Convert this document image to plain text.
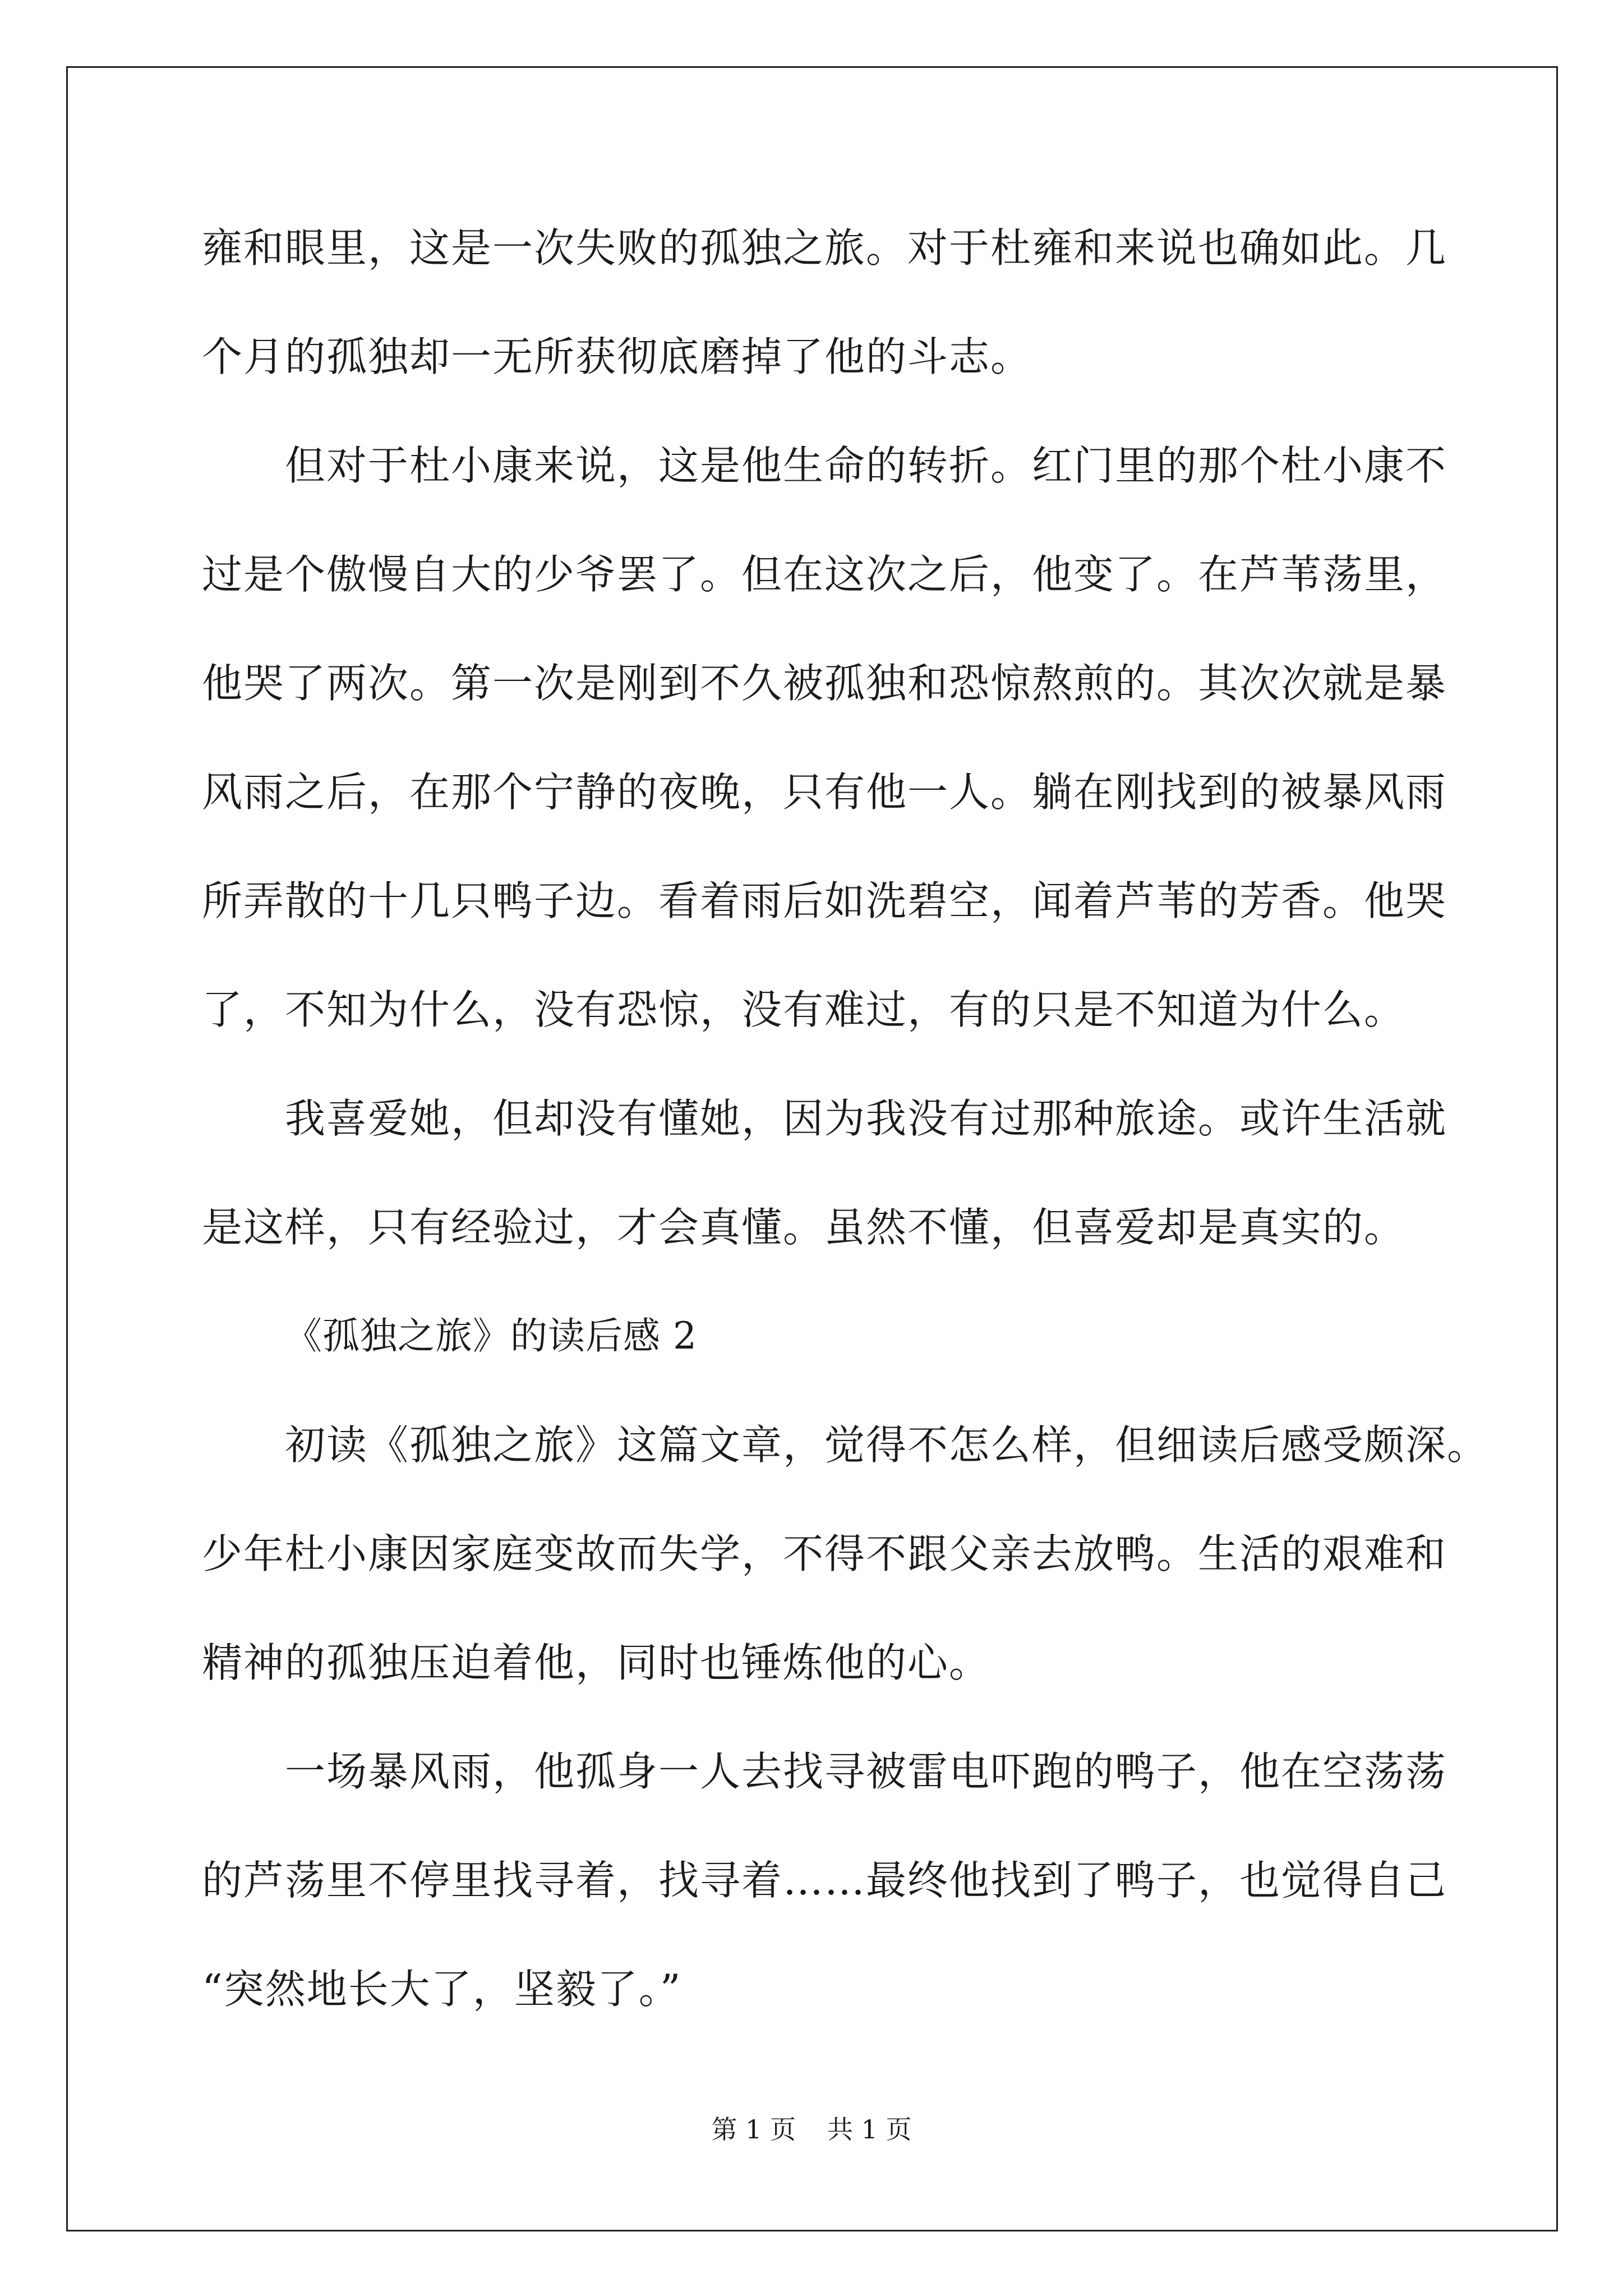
雍和眼里，这是一次失败的孤独之旅。对于杜雍和来说也确如此。几
个月的孤独却一无所获彻底磨掉了他的斗志。
但对于杜小康来说，这是他生命的转折。红门里的那个杜小康不
过是个傲慢自大的少爷罢了。但在这次之后，他变了。在芦苇荡里，
他哭了两次。第一次是刚到不久被孤独和恐惊熬煎的。其次次就是暴
风雨之后，在那个宁静的夜晚，只有他一人。躺在刚找到的被暴风雨
所弄散的十几只鸭子边。看着雨后如洗碧空，闻着芦苇的芳香。他哭
了，不知为什么，没有恐惊，没有难过，有的只是不知道为什么。
我喜爱她，但却没有懂她，因为我没有过那种旅途。或许生活就
是这样，只有经验过，才会真懂。虽然不懂，但喜爱却是真实的。
《孤独之旅》的读后感 2
初读《孤独之旅》这篇文章，觉得不怎么样，但细读后感受颇深。
少年杜小康因家庭变故而失学，不得不跟父亲去放鸭。生活的艰难和
精神的孤独压迫着他，同时也锤炼他的心。
一场暴风雨，他孤身一人去找寻被雷电吓跑的鸭子，他在空荡荡
的芦荡里不停里找寻着，找寻着……最终他找到了鸭子，也觉得自己
“突然地长大了，坚毅了。”
第 1 页 共 1 页
